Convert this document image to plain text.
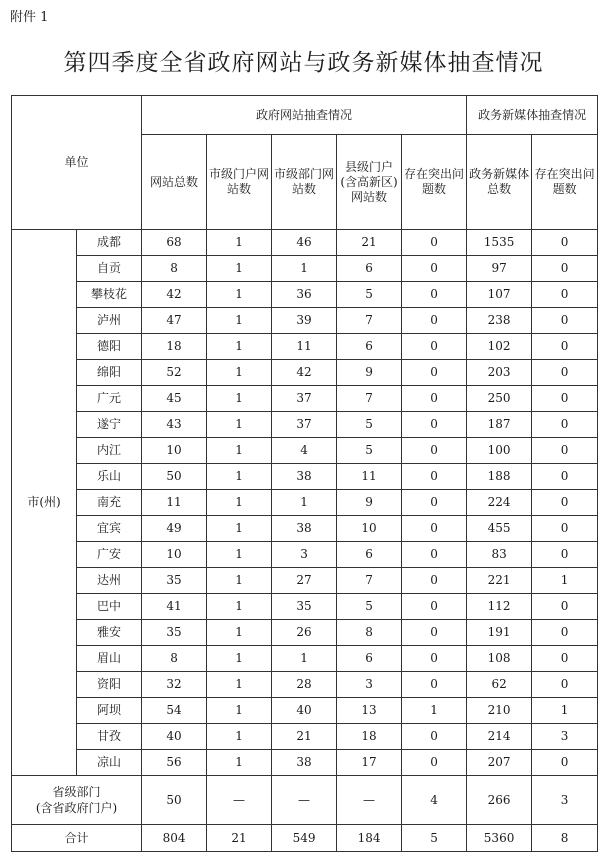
附件 1
第四季度全省政府网站与政务新媒体抽查情况
单位		政府网站抽查情况					政务新媒体抽查情况	
		网站总数	市级门户网站数	市级部门网站数	县级门户(含高新区)网站数	存在突出问题数	政务新媒体总数	存在突出问题数
市(州)	成都	68	1	46	21	0	1535	0
	自贡	8	1	1	6	0	97	0
	攀枝花	42	1	36	5	0	107	0
	泸州	47	1	39	7	0	238	0
	德阳	18	1	11	6	0	102	0
	绵阳	52	1	42	9	0	203	0
	广元	45	1	37	7	0	250	0
	遂宁	43	1	37	5	0	187	0
	内江	10	1	4	5	0	100	0
	乐山	50	1	38	11	0	188	0
	南充	11	1	1	9	0	224	0
	宜宾	49	1	38	10	0	455	0
	广安	10	1	3	6	0	83	0
	达州	35	1	27	7	0	221	1
	巴中	41	1	35	5	0	112	0
	雅安	35	1	26	8	0	191	0
	眉山	8	1	1	6	0	108	0
	资阳	32	1	28	3	0	62	0
	阿坝	54	1	40	13	1	210	1
	甘孜	40	1	21	18	0	214	3
	凉山	56	1	38	17	0	207	0

省级部门
(含省政府门户)		50	—	—	—	4	266	3
合计		804	21	549	184	5	5360	8
